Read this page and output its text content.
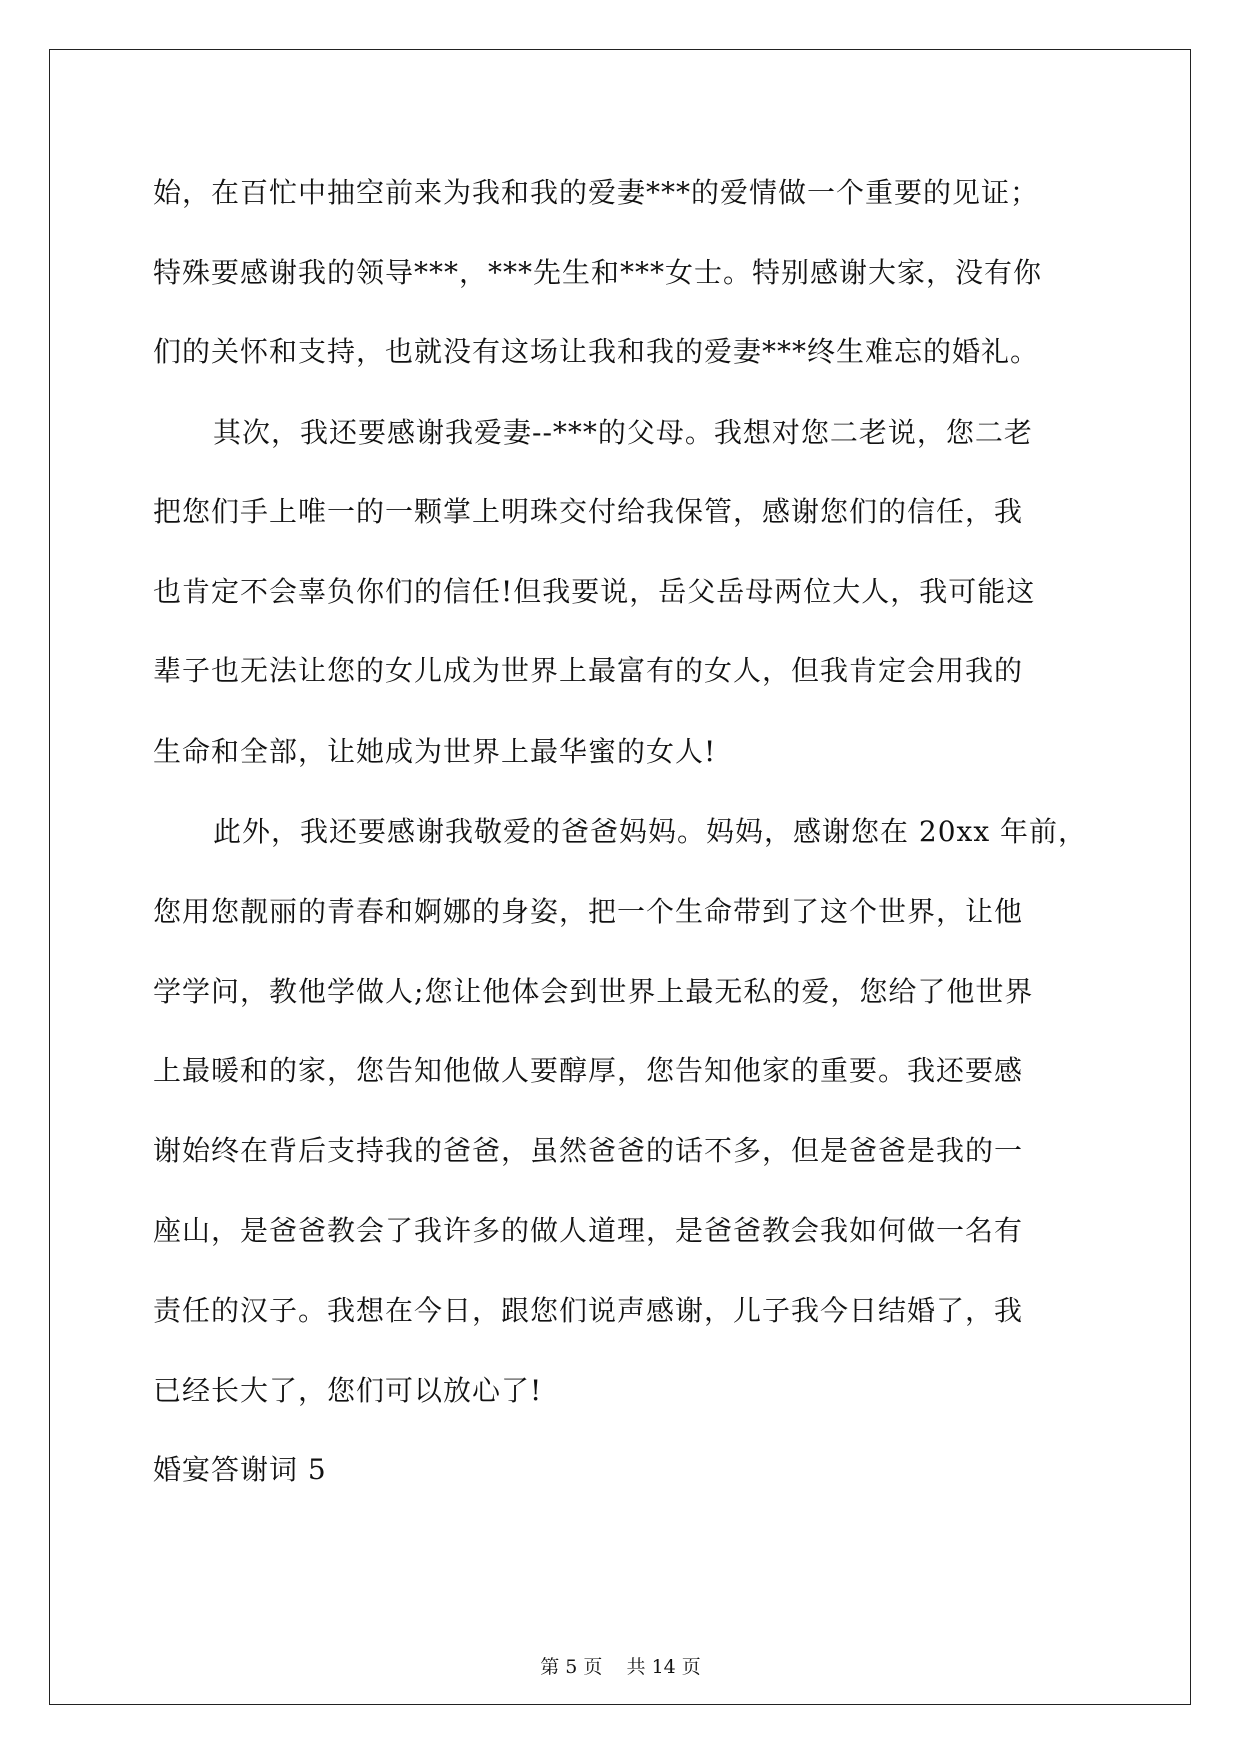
始，在百忙中抽空前来为我和我的爱妻***的爱情做一个重要的见证；
特殊要感谢我的领导***，***先生和***女士。特别感谢大家，没有你
们的关怀和支持，也就没有这场让我和我的爱妻***终生难忘的婚礼。
其次，我还要感谢我爱妻--***的父母。我想对您二老说，您二老
把您们手上唯一的一颗掌上明珠交付给我保管，感谢您们的信任，我
也肯定不会辜负你们的信任!但我要说，岳父岳母两位大人，我可能这
辈子也无法让您的女儿成为世界上最富有的女人，但我肯定会用我的
生命和全部，让她成为世界上最华蜜的女人!
此外，我还要感谢我敬爱的爸爸妈妈。妈妈，感谢您在 20xx 年前，
您用您靓丽的青春和婀娜的身姿，把一个生命带到了这个世界，让他
学学问，教他学做人;您让他体会到世界上最无私的爱，您给了他世界
上最暖和的家，您告知他做人要醇厚，您告知他家的重要。我还要感
谢始终在背后支持我的爸爸，虽然爸爸的话不多，但是爸爸是我的一
座山，是爸爸教会了我许多的做人道理，是爸爸教会我如何做一名有
责任的汉子。我想在今日，跟您们说声感谢，儿子我今日结婚了，我
已经长大了，您们可以放心了!
婚宴答谢词 5
第 5 页 共 14 页
